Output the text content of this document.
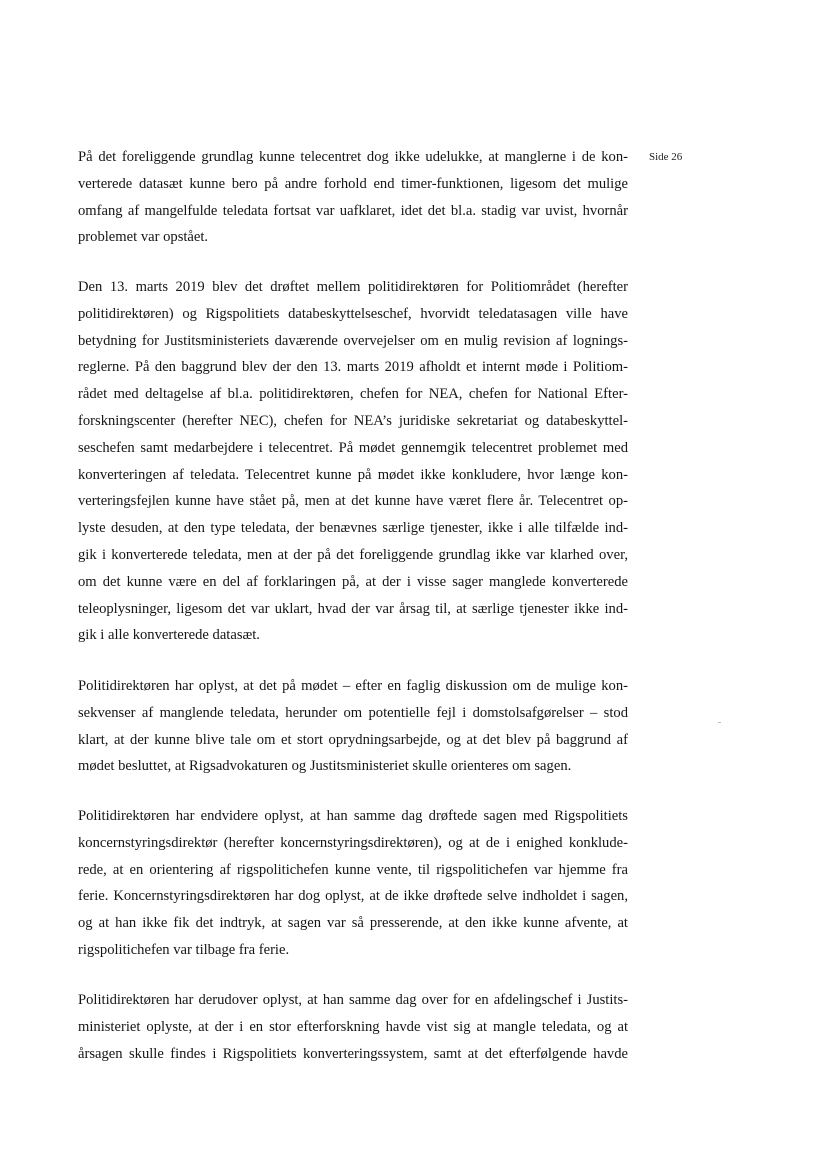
Side 26
På det foreliggende grundlag kunne telecentret dog ikke udelukke, at manglerne i de kon-
verterede datasæt kunne bero på andre forhold end timer-funktionen, ligesom det mulige
omfang af mangelfulde teledata fortsat var uafklaret, idet det bl.a. stadig var uvist, hvornår
problemet var opstået.
Den 13. marts 2019 blev det drøftet mellem politidirektøren for Politiområdet (herefter
politidirektøren) og Rigspolitiets databeskyttelseschef, hvorvidt teledatasagen ville have
betydning for Justitsministeriets daværende overvejelser om en mulig revision af lognings-
reglerne. På den baggrund blev der den 13. marts 2019 afholdt et internt møde i Politiom-
rådet med deltagelse af bl.a. politidirektøren, chefen for NEA, chefen for National Efter-
forskningscenter (herefter NEC), chefen for NEA’s juridiske sekretariat og databeskyttel-
seschefen samt medarbejdere i telecentret. På mødet gennemgik telecentret problemet med
konverteringen af teledata. Telecentret kunne på mødet ikke konkludere, hvor længe kon-
verteringsfejlen kunne have stået på, men at det kunne have været flere år. Telecentret op-
lyste desuden, at den type teledata, der benævnes særlige tjenester, ikke i alle tilfælde ind-
gik i konverterede teledata, men at der på det foreliggende grundlag ikke var klarhed over,
om det kunne være en del af forklaringen på, at der i visse sager manglede konverterede
teleoplysninger, ligesom det var uklart, hvad der var årsag til, at særlige tjenester ikke ind-
gik i alle konverterede datasæt.
Politidirektøren har oplyst, at det på mødet – efter en faglig diskussion om de mulige kon-
sekvenser af manglende teledata, herunder om potentielle fejl i domstolsafgørelser – stod
klart, at der kunne blive tale om et stort oprydningsarbejde, og at det blev på baggrund af
mødet besluttet, at Rigsadvokaturen og Justitsministeriet skulle orienteres om sagen.
Politidirektøren har endvidere oplyst, at han samme dag drøftede sagen med Rigspolitiets
koncernstyringsdirektør (herefter koncernstyringsdirektøren), og at de i enighed konklude-
rede, at en orientering af rigspolitichefen kunne vente, til rigspolitichefen var hjemme fra
ferie. Koncernstyringsdirektøren har dog oplyst, at de ikke drøftede selve indholdet i sagen,
og at han ikke fik det indtryk, at sagen var så presserende, at den ikke kunne afvente, at
rigspolitichefen var tilbage fra ferie.
Politidirektøren har derudover oplyst, at han samme dag over for en afdelingschef i Justits-
ministeriet oplyste, at der i en stor efterforskning havde vist sig at mangle teledata, og at
årsagen skulle findes i Rigspolitiets konverteringssystem, samt at det efterfølgende havde
